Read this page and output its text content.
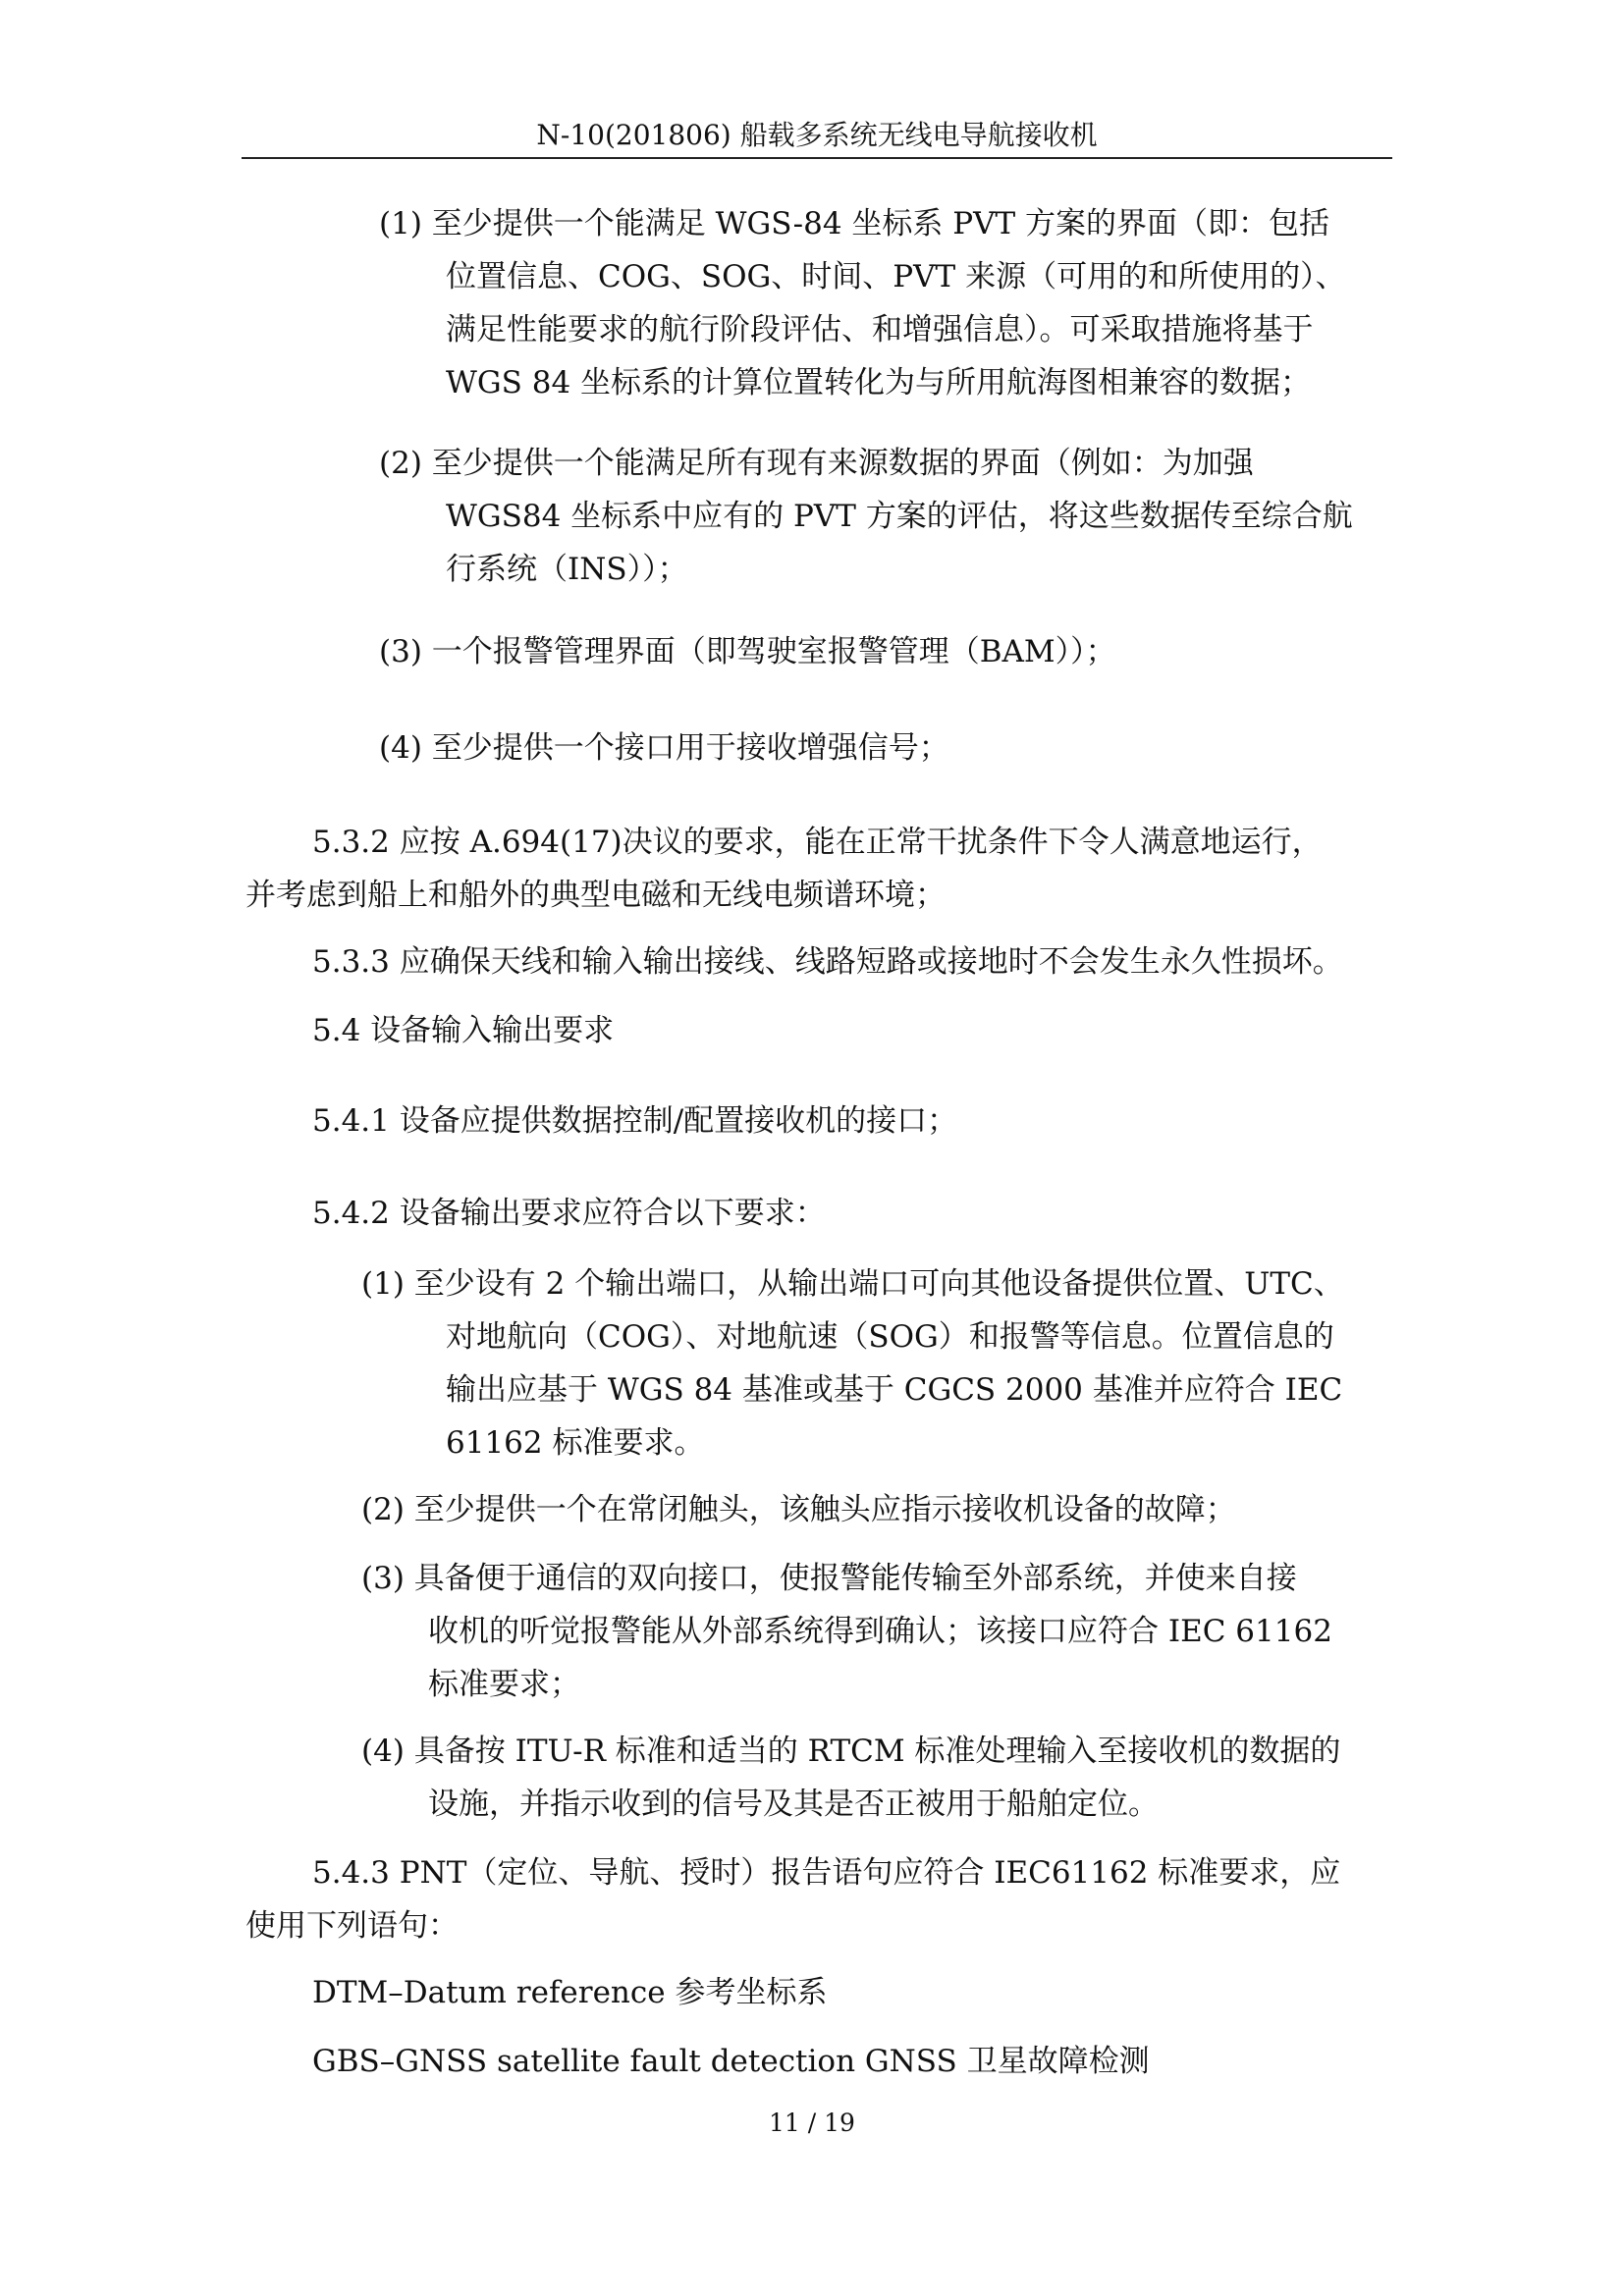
N-10(201806) 船载多系统无线电导航接收机
(1) 至少提供一个能满足 WGS-84 坐标系 PVT 方案的界面（即：包括
位置信息、COG、SOG、时间、PVT 来源（可用的和所使用的）、
满足性能要求的航行阶段评估、和增强信息）。可采取措施将基于
WGS 84 坐标系的计算位置转化为与所用航海图相兼容的数据；
(2) 至少提供一个能满足所有现有来源数据的界面（例如：为加强
WGS84 坐标系中应有的 PVT 方案的评估，将这些数据传至综合航
行系统（INS））；
(3) 一个报警管理界面（即驾驶室报警管理（BAM））；
(4) 至少提供一个接口用于接收增强信号；
5.3.2 应按 A.694(17)决议的要求，能在正常干扰条件下令人满意地运行，
并考虑到船上和船外的典型电磁和无线电频谱环境；
5.3.3 应确保天线和输入输出接线、线路短路或接地时不会发生永久性损坏。
5.4 设备输入输出要求
5.4.1 设备应提供数据控制/配置接收机的接口；
5.4.2 设备输出要求应符合以下要求：
(1) 至少设有 2 个输出端口，从输出端口可向其他设备提供位置、UTC、
对地航向（COG）、对地航速（SOG）和报警等信息。位置信息的
输出应基于 WGS 84 基准或基于 CGCS 2000 基准并应符合 IEC
61162 标准要求。
(2) 至少提供一个在常闭触头，该触头应指示接收机设备的故障；
(3) 具备便于通信的双向接口，使报警能传输至外部系统，并使来自接
收机的听觉报警能从外部系统得到确认；该接口应符合 IEC 61162
标准要求；
(4) 具备按 ITU-R 标准和适当的 RTCM 标准处理输入至接收机的数据的
设施，并指示收到的信号及其是否正被用于船舶定位。
5.4.3 PNT（定位、导航、授时）报告语句应符合 IEC61162 标准要求，应
使用下列语句：
DTM–Datum reference 参考坐标系
GBS–GNSS satellite fault detection GNSS 卫星故障检测
11 / 19
